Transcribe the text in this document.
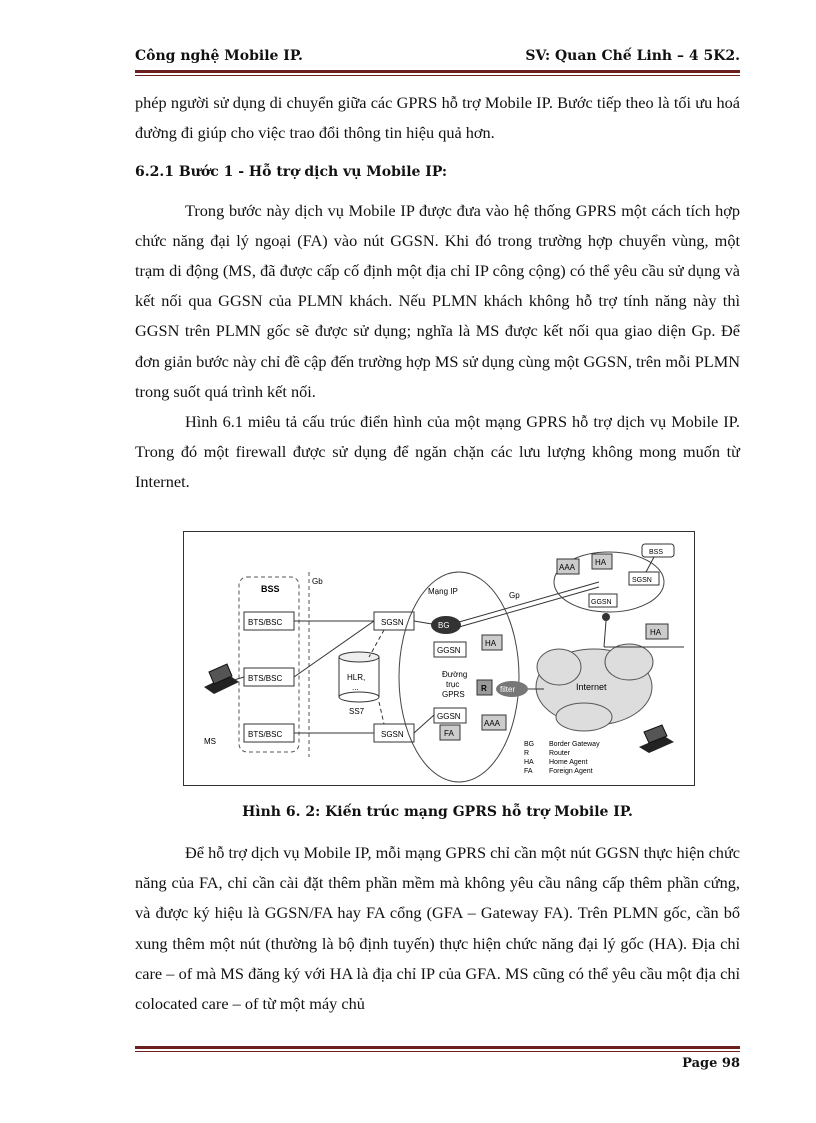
Công nghệ Mobile IP.	SV: Quan Chế Linh – 4 5K2.

phép người sử dụng di chuyển giữa các GPRS hỗ trợ Mobile IP. Bước tiếp theo là tối ưu hoá đường đi giúp cho việc trao đổi thông tin hiệu quả hơn.

6.2.1 Bước 1 - Hỗ trợ dịch vụ Mobile IP:

Trong bước này dịch vụ Mobile IP được đưa vào hệ thống GPRS một cách tích hợp chức năng đại lý ngoại (FA) vào nút GGSN. Khi đó trong trường hợp chuyển vùng, một trạm di động (MS, đã được cấp cố định một địa chỉ IP công cộng) có thể yêu cầu sử dụng và kết nối qua GGSN của PLMN khách. Nếu PLMN khách không hỗ trợ tính năng này thì GGSN trên PLMN gốc sẽ được sử dụng; nghĩa là MS được kết nối qua giao diện Gp. Để đơn giản bước này chỉ đề cập đến trường hợp MS sử dụng cùng một GGSN, trên mỗi PLMN trong suốt quá trình kết nối.

Hình 6.1 miêu tả cấu trúc điển hình của một mạng GPRS hỗ trợ dịch vụ Mobile IP. Trong đó một firewall được sử dụng để ngăn chặn các lưu lượng không mong muốn từ Internet.

BSS
Gb
BTS/BSC
BTS/BSC
BTS/BSC
MS
SGSN
SGSN
HLR,
...
SS7
Mạng IP
BG
GGSN
HA
Đường
trục
GPRS
R filter
GGSN
FA
AAA
Internet
Gp
AAA
HA
SGSN
GGSN
BSS
HA
BG Border Gateway
R	Router
HA Home Agent
FA Foreign Agent
Hình 6. 2: Kiến trúc mạng GPRS hỗ trợ Mobile IP.

Để hỗ trợ dịch vụ Mobile IP, mỗi mạng GPRS chỉ cần một nút GGSN thực hiện chức năng của FA, chỉ cần cài đặt thêm phần mềm mà không yêu cầu nâng cấp thêm phần cứng, và được ký hiệu là GGSN/FA hay FA cổng (GFA – Gateway FA). Trên PLMN gốc, cần bổ xung thêm một nút (thường là bộ định tuyến) thực hiện chức năng đại lý gốc (HA). Địa chỉ care – of mà MS đăng ký với HA là địa chỉ IP của GFA. MS cũng có thể yêu cầu một địa chỉ colocated care – of từ một máy chủ

Page 98
